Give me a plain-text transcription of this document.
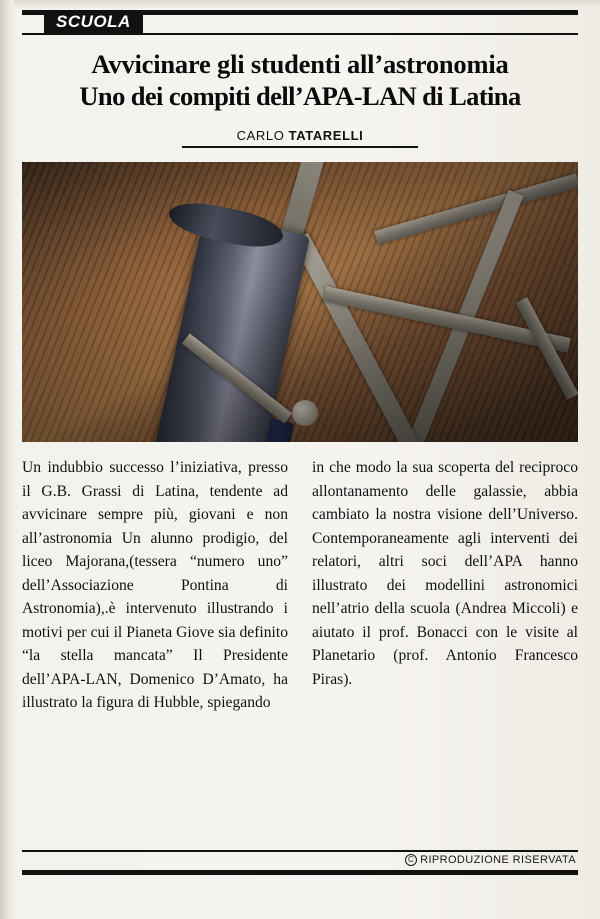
SCUOLA
Avvicinare gli studenti all’astronomia
Uno dei compiti dell’APA-LAN di Latina
CARLO TATARELLI

Un indubbio successo l’iniziativa, presso il G.B. Grassi di Latina, tendente ad avvicinare sempre più, giovani e non all’astronomia Un alunno prodigio, del liceo Majorana,(tessera “numero uno” dell’Associazione Pontina di Astronomia),.è intervenuto illustrando i motivi per cui il Pianeta Giove sia definito “la stella mancata” Il Presidente dell’APA-LAN, Domenico D’Amato, ha illustrato la figura di Hubble, spiegando

in che modo la sua scoperta del reciproco allontanamento delle galassie, abbia cambiato la nostra visione dell’Universo. Contemporaneamente agli interventi dei relatori, altri soci dell’APA hanno illustrato dei modellini astronomici nell’atrio della scuola (Andrea Miccoli) e aiutato il prof. Bonacci con le visite al Planetario (prof. Antonio Francesco Piras).

C RIPRODUZIONE RISERVATA
